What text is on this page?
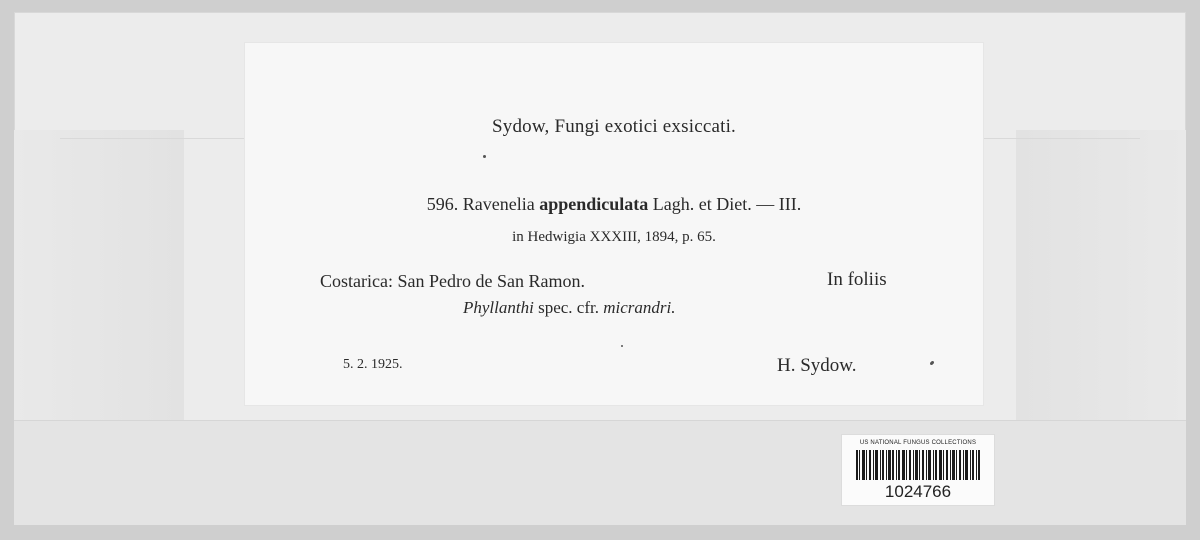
Sydow, Fungi exotici exsiccati.
596. Ravenelia appendiculata Lagh. et Diet. — III.
in Hedwigia XXXIII, 1894, p. 65.
Costarica: San Pedro de San Ramon.	In foliis
Phyllanthi spec. cfr. micrandri.
5. 2. 1925.	H. Sydow.
US NATIONAL FUNGUS COLLECTIONS
1024766
